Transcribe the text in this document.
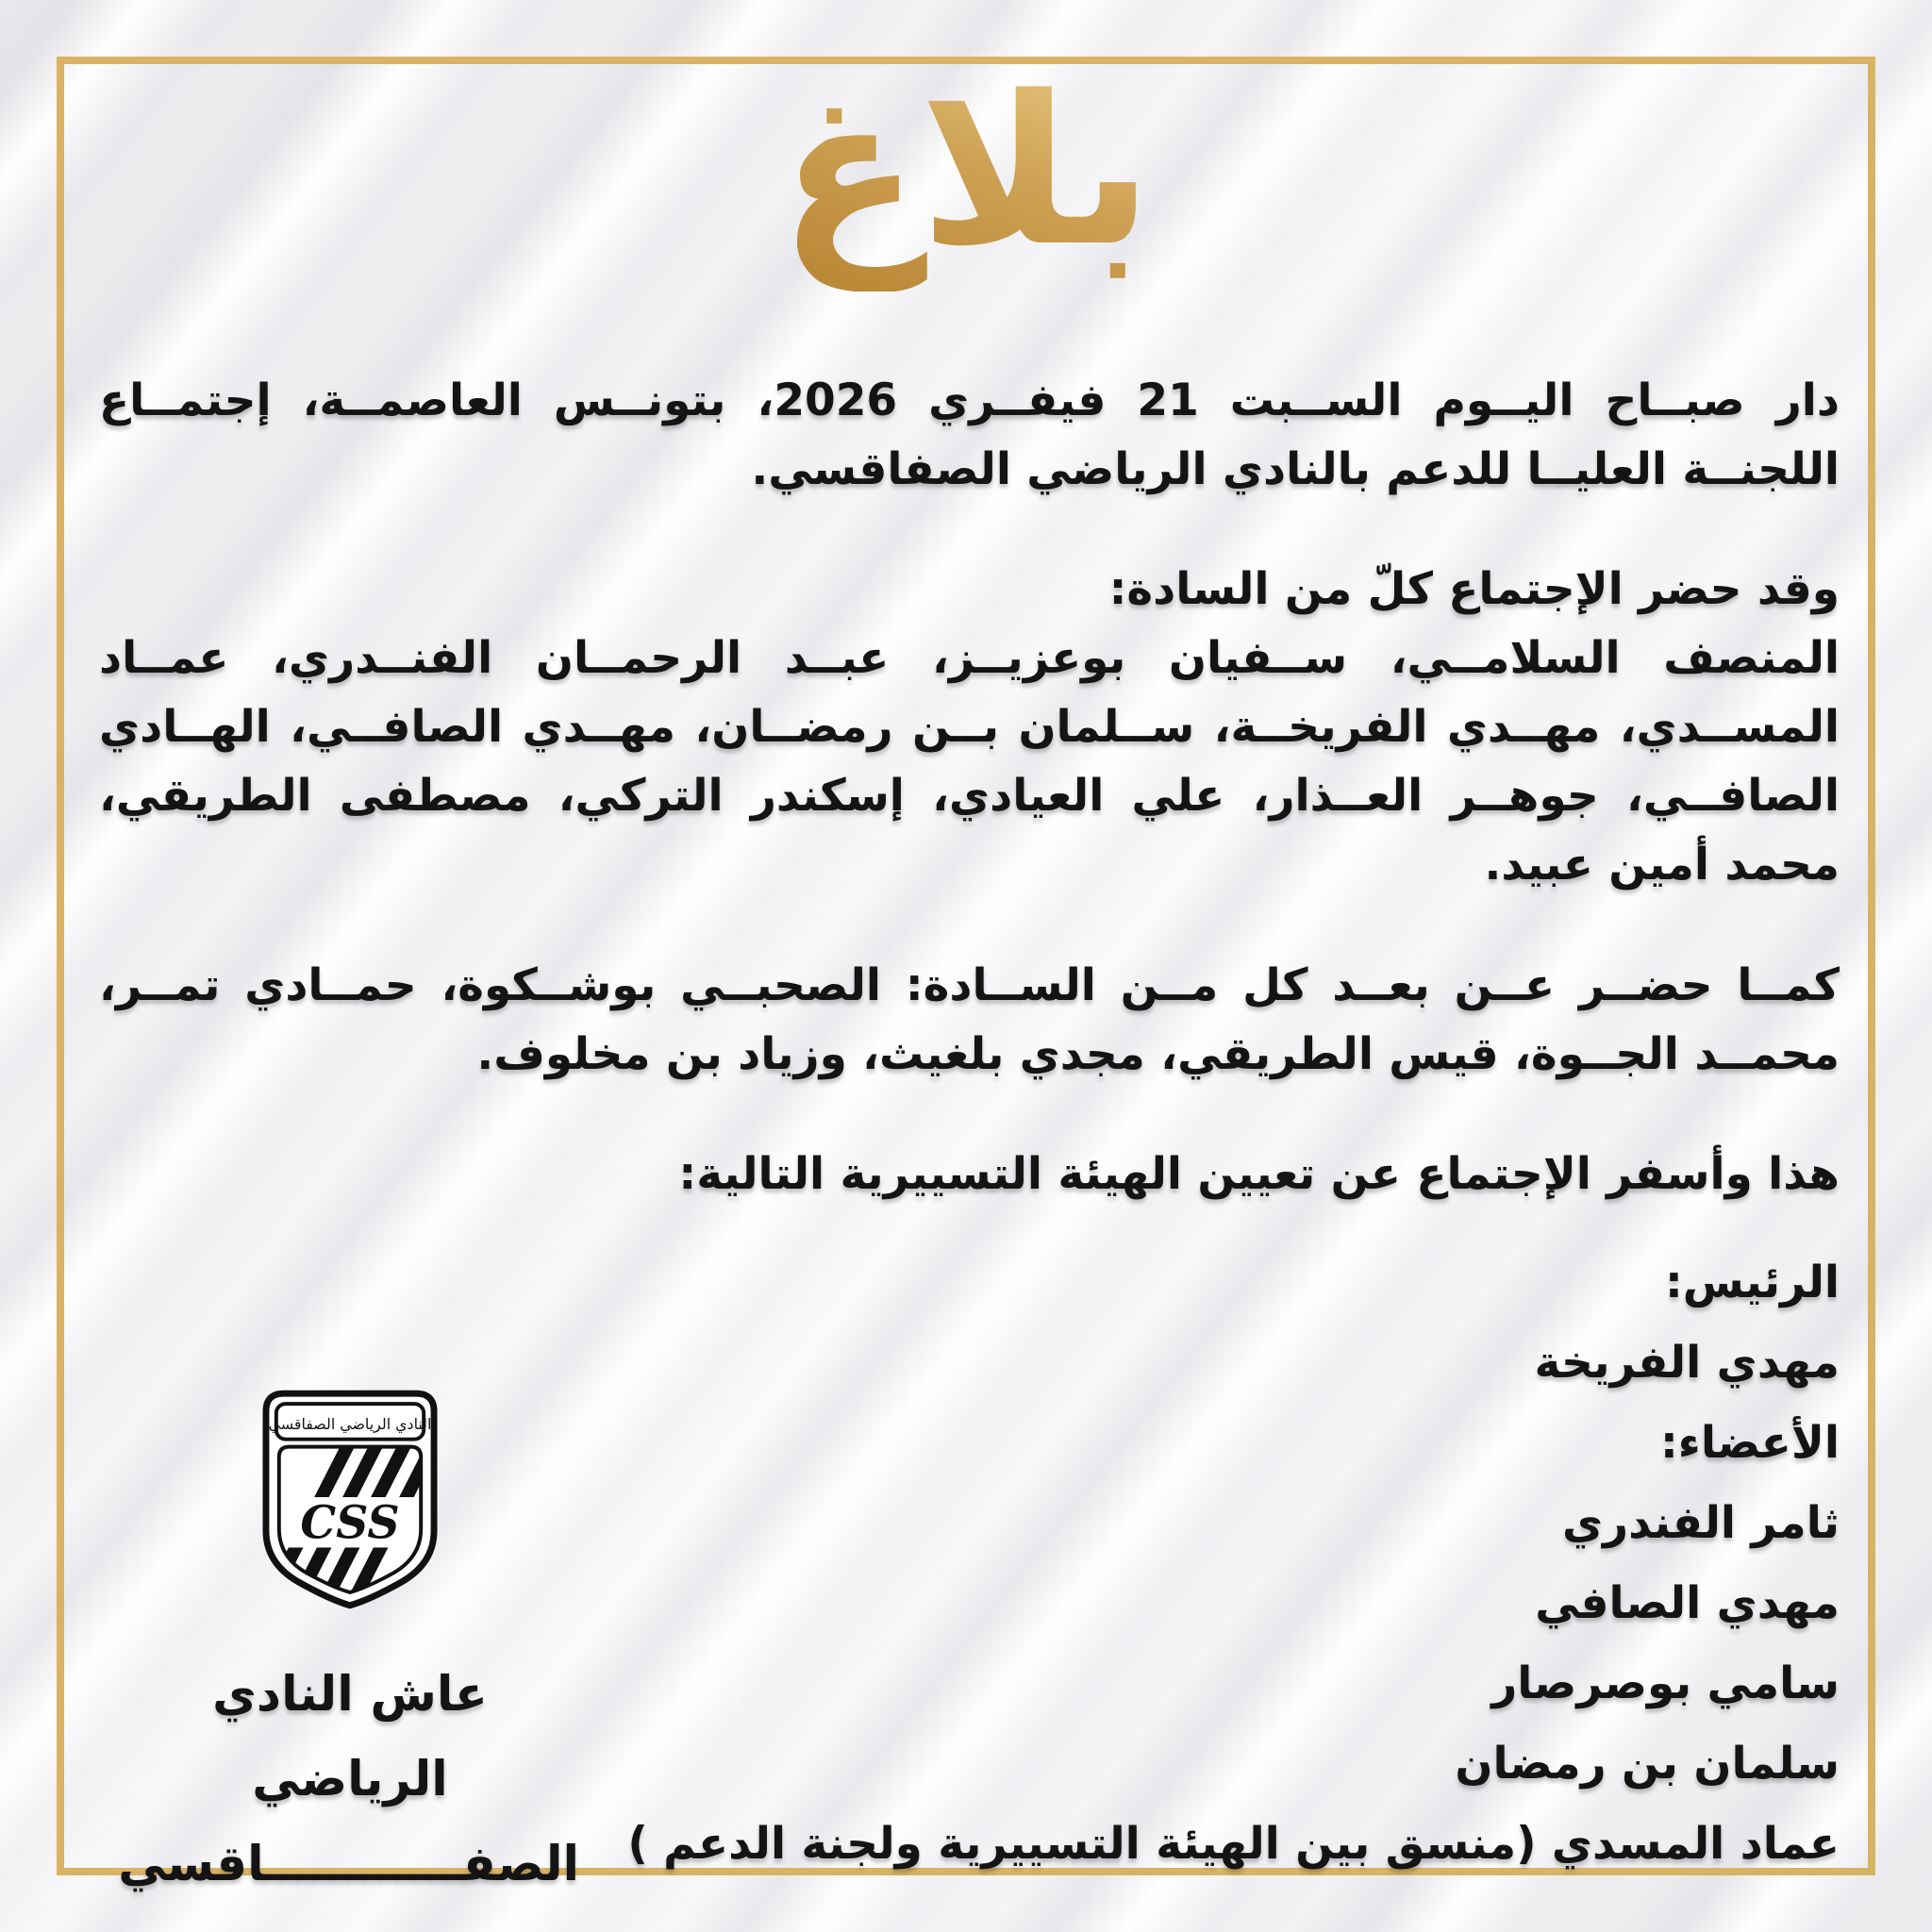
بلاغ

دار صبــاح اليــوم الســبت 21 فيفــري 2026، بتونــس العاصمــة، إجتمــاع اللجنــة العليــا للدعم بالنادي الرياضي الصفاقسي.

وقد حضر الإجتماع كلّ من السادة:

المنصف السلامــي، ســفيان بوعزيــز، عبــد الرحمــان الفنــدري، عمــاد المســدي، مهــدي الفريخــة، ســلمان بــن رمضــان، مهــدي الصافــي، الهــادي الصافــي، جوهــر العــذار، علي العيادي، إسكندر التركي، مصطفى الطريقي، محمد أمين عبيد.

كمــا حضــر عــن بعــد كل مــن الســادة: الصحبــي بوشــكوة، حمــادي تمــر، محمــد الجــوة، قيس الطريقي، مجدي بلغيث، وزياد بن مخلوف.

هذا وأسفر الإجتماع عن تعيين الهيئة التسييرية التالية:

الرئيس:
مهدي الفريخة
الأعضاء:
ثامر الفندري
مهدي الصافي
سامي بوصرصار
سلمان بن رمضان
عماد المسدي (منسق بين الهيئة التسييرية ولجنة الدعم )
النادي الرياضي الصفاقسي
CSS
عاش النادي الرياضي
الصفــــــــــــاقسي
